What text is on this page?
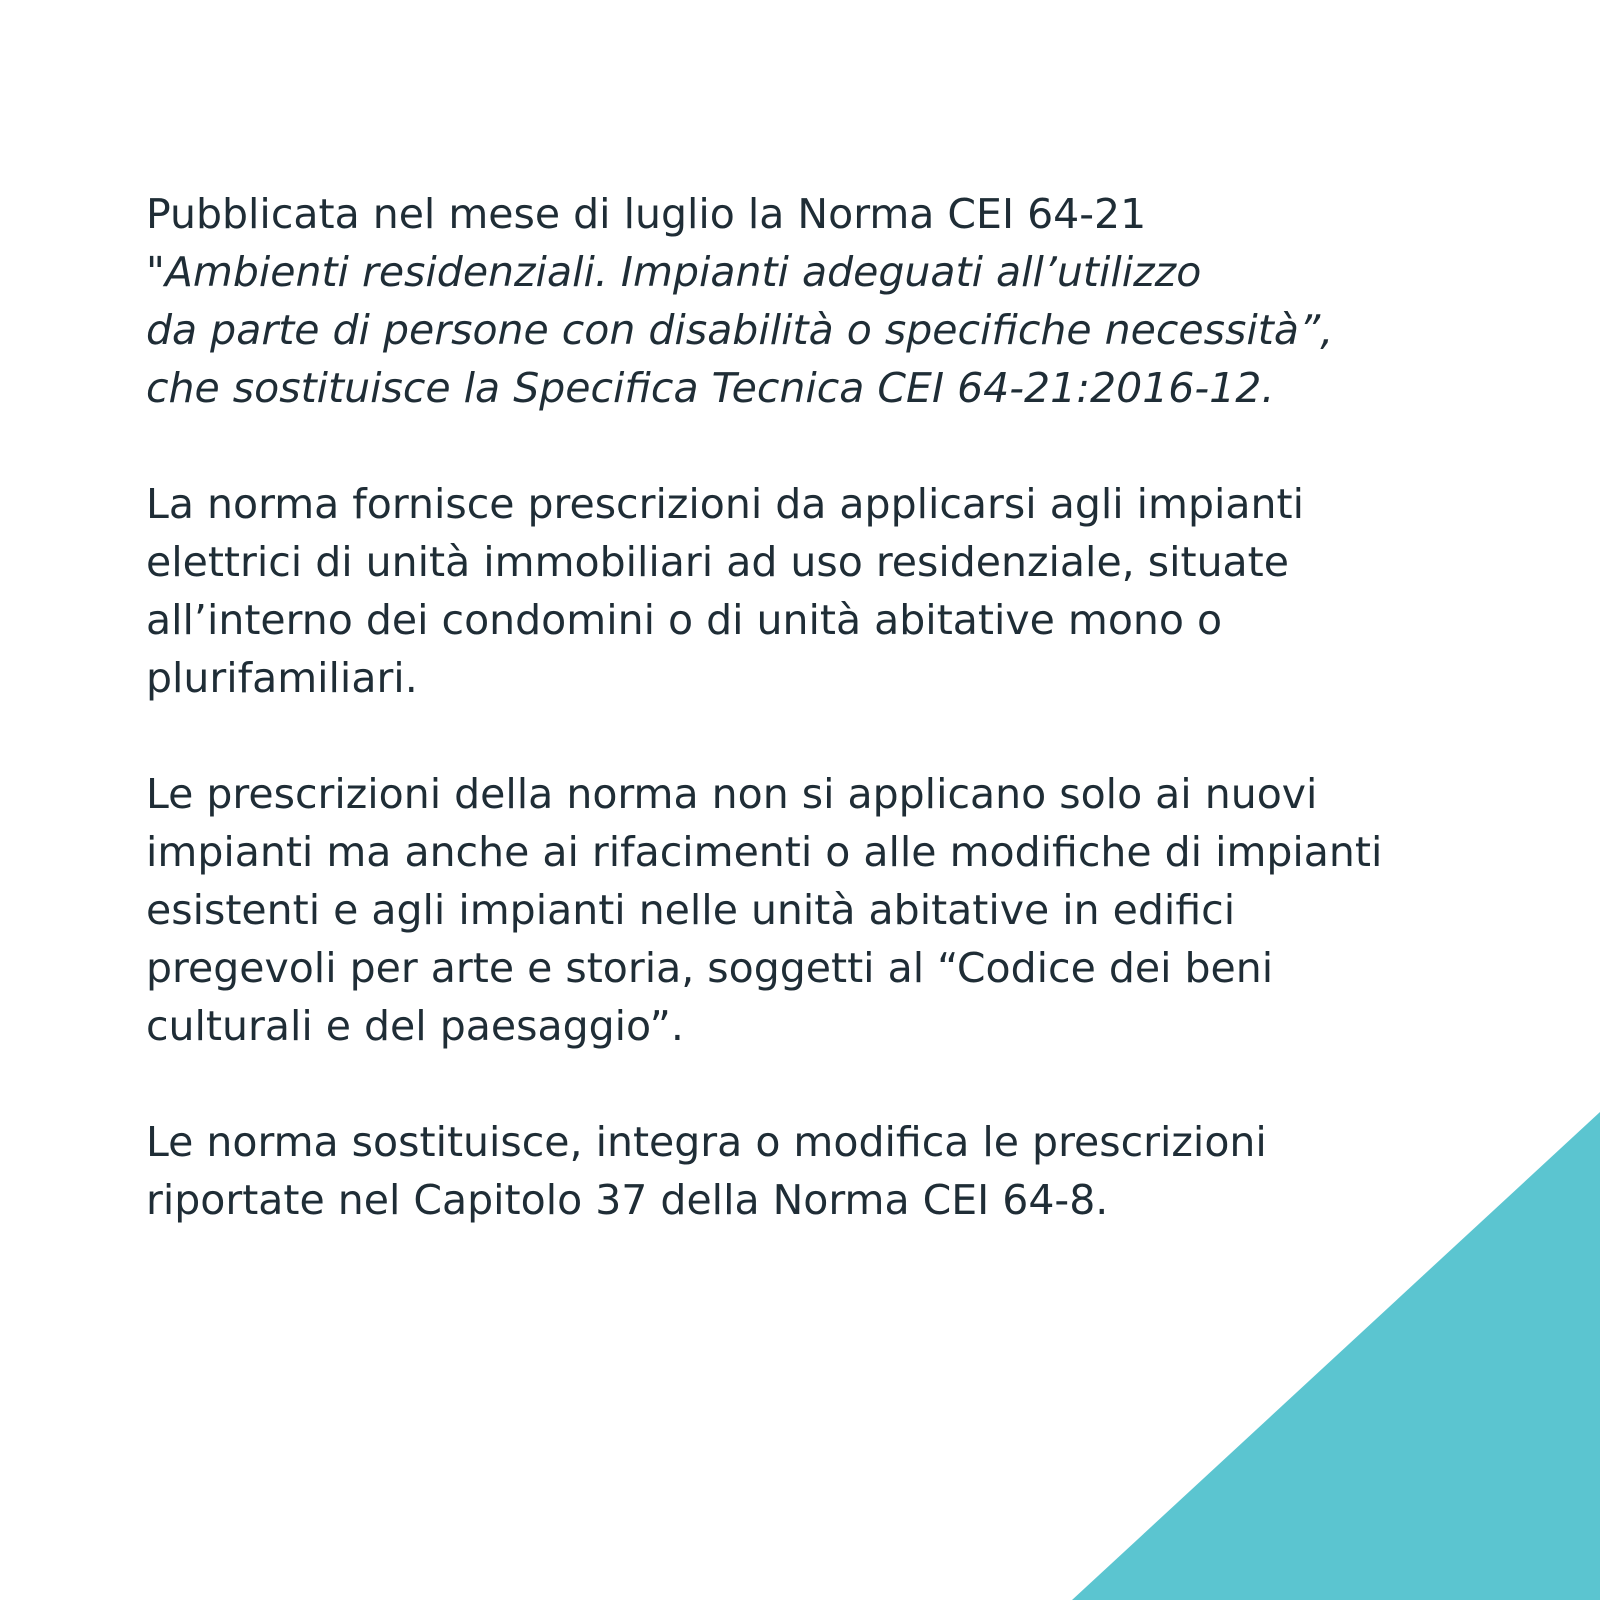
Pubblicata nel mese di luglio la Norma CEI 64-21
"Ambienti residenziali. Impianti adeguati all’utilizzo
da parte di persone con disabilità o specifiche necessità”,
che sostituisce la Specifica Tecnica CEI 64-21:2016-12.

La norma fornisce prescrizioni da applicarsi agli impianti
elettrici di unità immobiliari ad uso residenziale, situate
all’interno dei condomini o di unità abitative mono o
plurifamiliari.

Le prescrizioni della norma non si applicano solo ai nuovi
impianti ma anche ai rifacimenti o alle modifiche di impianti
esistenti e agli impianti nelle unità abitative in edifici
pregevoli per arte e storia, soggetti al “Codice dei beni
culturali e del paesaggio”.

Le norma sostituisce, integra o modifica le prescrizioni
riportate nel Capitolo 37 della Norma CEI 64-8.
